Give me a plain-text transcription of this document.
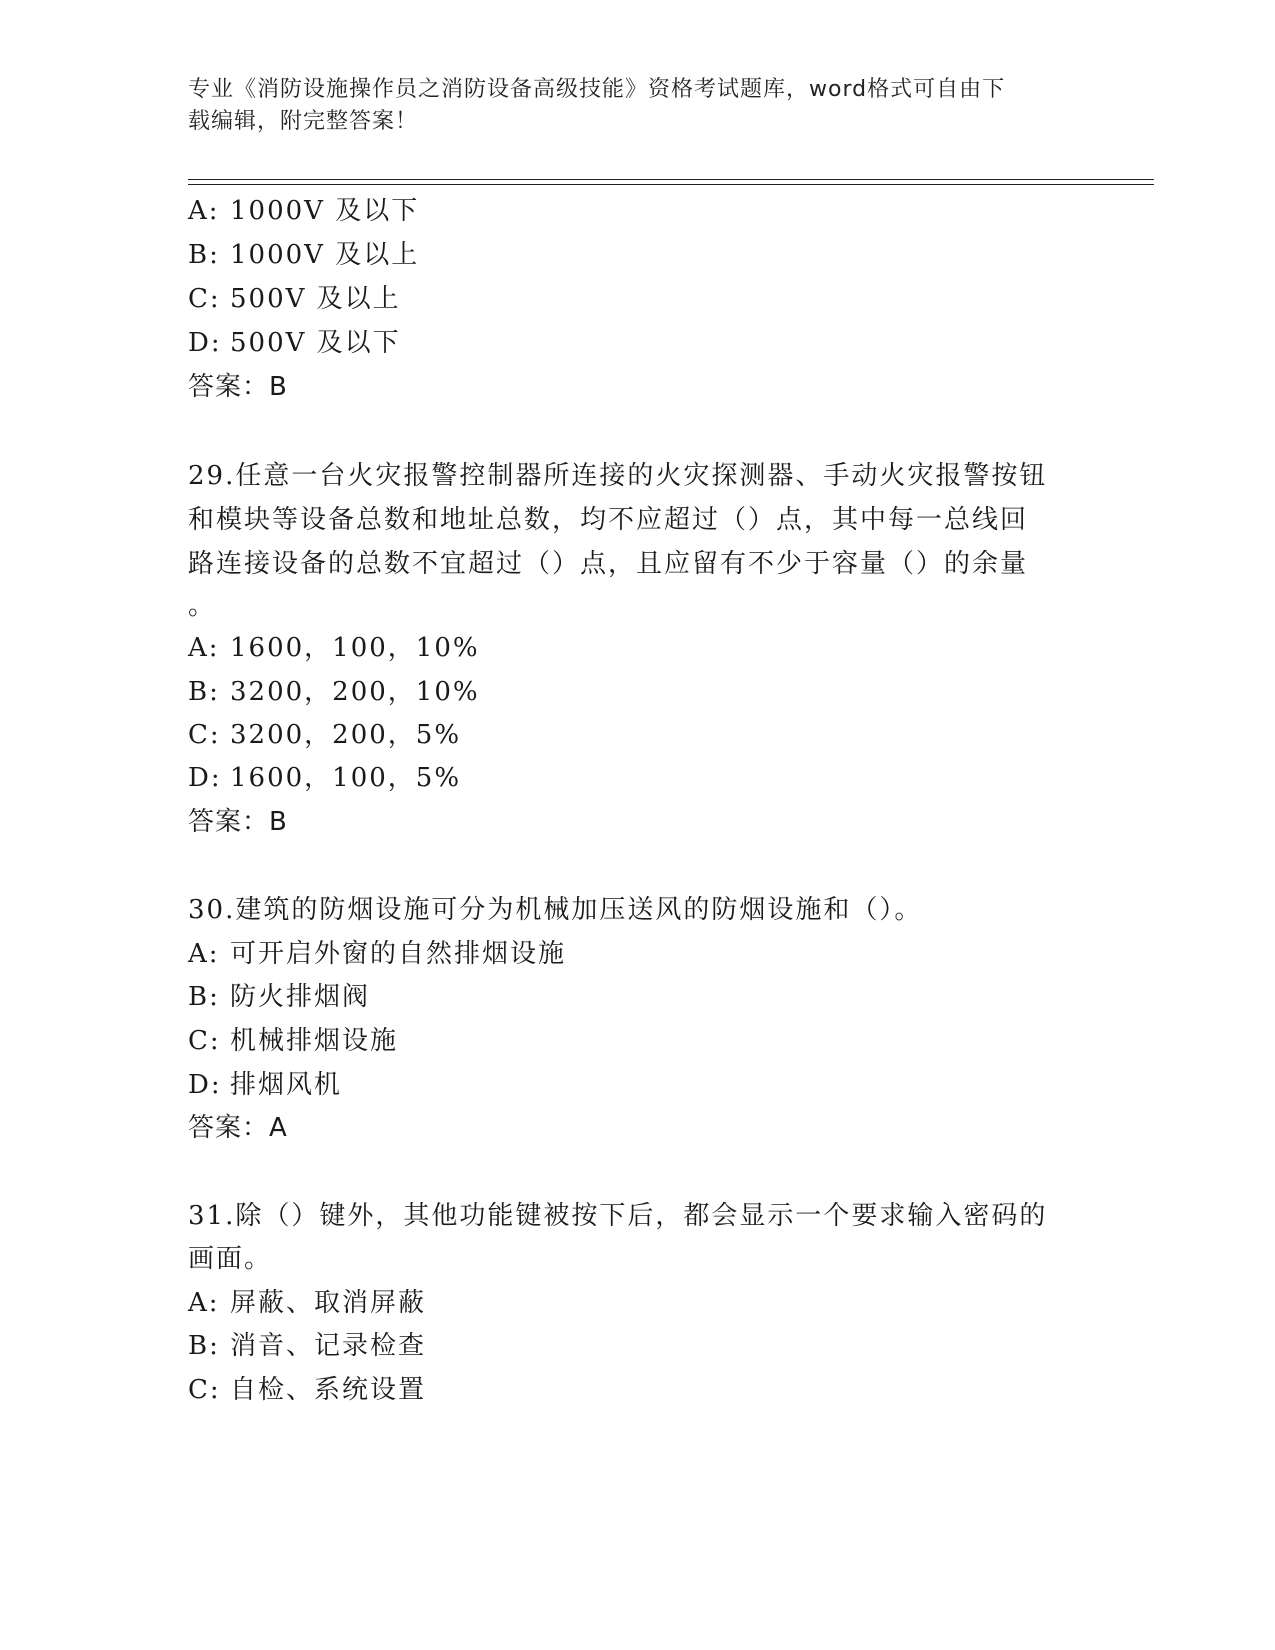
专业《消防设施操作员之消防设备高级技能》资格考试题库，word格式可自由下
载编辑，附完整答案！
A: 1000V 及以下
B: 1000V 及以上
C: 500V 及以上
D: 500V 及以下
答案：B
29.任意一台火灾报警控制器所连接的火灾探测器、手动火灾报警按钮
和模块等设备总数和地址总数，均不应超过（）点，其中每一总线回
路连接设备的总数不宜超过（）点，且应留有不少于容量（）的余量
。
A: 1600，100，10%
B: 3200，200，10%
C: 3200，200，5%
D: 1600，100，5%
答案：B
30.建筑的防烟设施可分为机械加压送风的防烟设施和（）。
A: 可开启外窗的自然排烟设施
B: 防火排烟阀
C: 机械排烟设施
D: 排烟风机
答案：A
31.除（）键外，其他功能键被按下后，都会显示一个要求输入密码的
画面。
A: 屏蔽、取消屏蔽
B: 消音、记录检查
C: 自检、系统设置
